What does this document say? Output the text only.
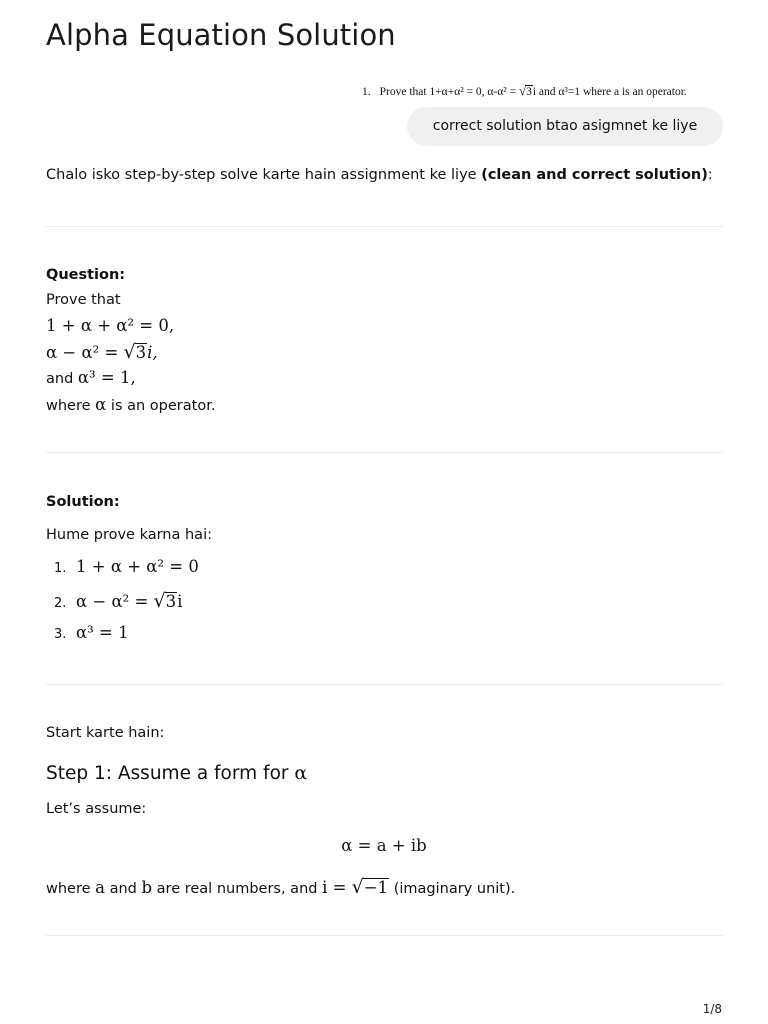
Alpha Equation Solution
1. Prove that 1+α+α² = 0, α-α² = √3i and α³=1 where a is an operator.
correct solution btao asigmnet ke liye

Chalo isko step-by-step solve karte hain assignment ke liye (clean and correct solution):

Question:

Prove that

1 + α + α² = 0,
α − α² = √3i,
and α³ = 1,
where α is an operator.

Solution:

Hume prove karna hai:

1. 1 + α + α² = 0
2. α − α² = √3i
3. α³ = 1

Start karte hain:

Step 1: Assume a form for α

Let’s assume:

α = a + ib
where a and b are real numbers, and i = √−1 (imaginary unit).
1/8
